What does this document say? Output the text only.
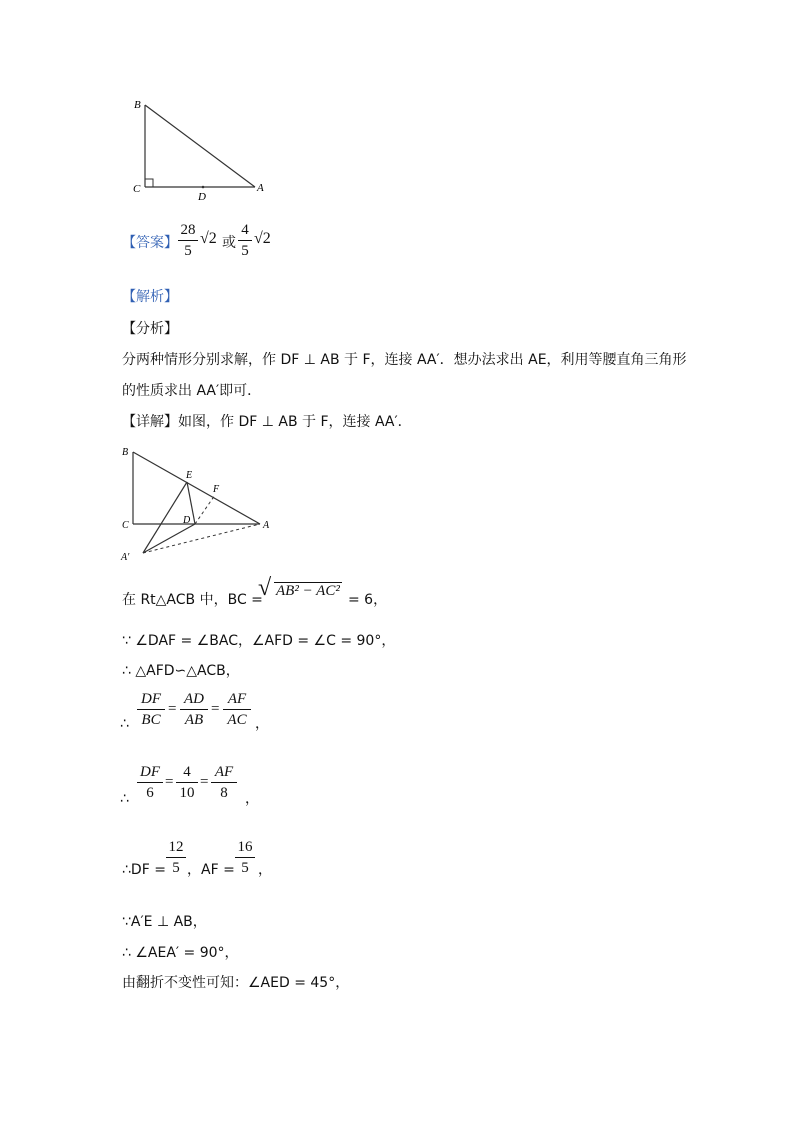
B
C
D
A
【答案】
28
5
√2 或
4
5
√2
【解析】
【分析】
分两种情形分别求解，作 DF ⊥ AB 于 F，连接 AA′．想办法求出 AE，利用等腰直角三角形
的性质求出 AA′即可．
【详解】如图，作 DF ⊥ AB 于 F，连接 AA′．
B
E
F
C	D	A
A′
在 Rt△ACB 中，BC =
√ AB² − AC²
= 6，
∵ ∠DAF = ∠BAC，∠AFD = ∠C = 90°，
∴ △AFD∽△ACB，
∴
DF
BC
=
AD
AB
=
AF
AC ，
∴
DF
6
=
4
10
=
AF
8	，
∴DF =
12
5 ，AF =
16
5 ，
∵A′E ⊥ AB，
∴ ∠AEA′ = 90°，
由翻折不变性可知：∠AED = 45°，
